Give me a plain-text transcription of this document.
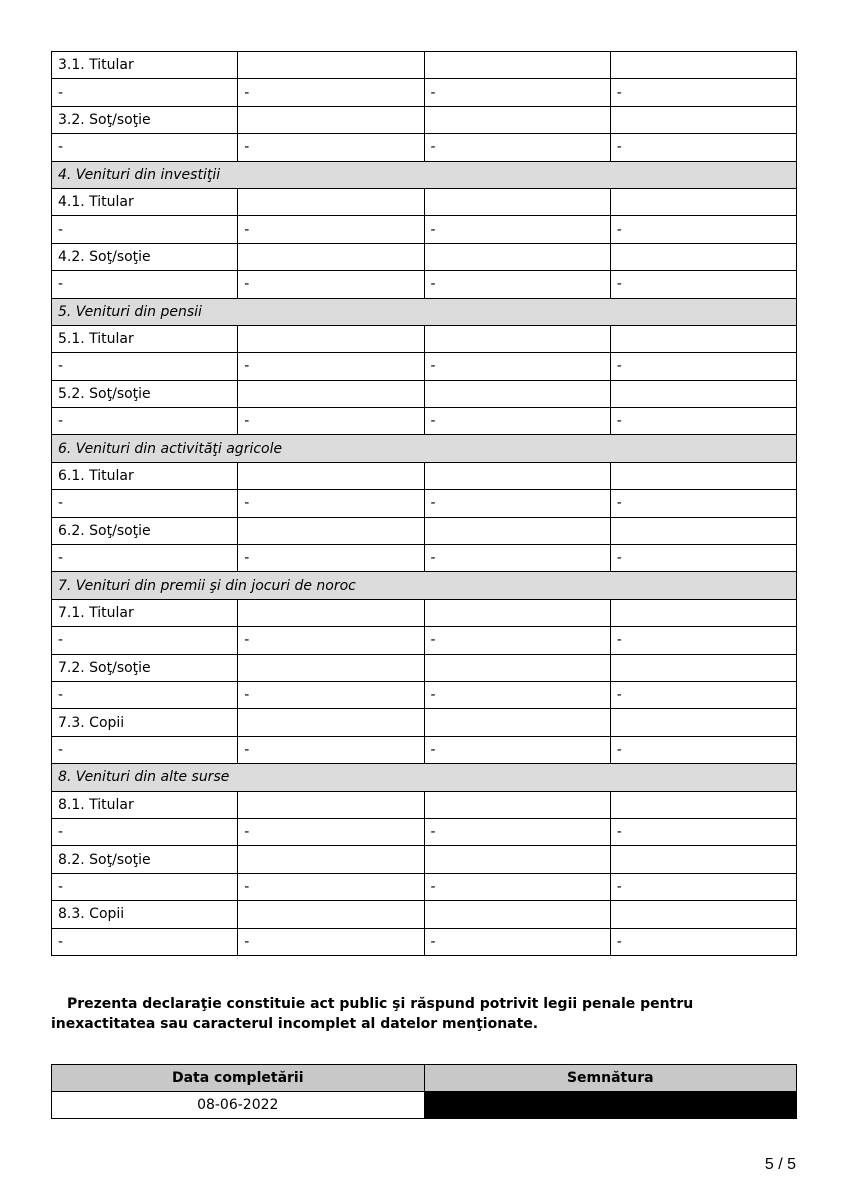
3.1. Titular			
-	-	-	-
3.2. Soţ/soţie			
-	-	-	-
4. Venituri din investiţii			
4.1. Titular			
-	-	-	-
4.2. Soţ/soţie			
-	-	-	-
5. Venituri din pensii			
5.1. Titular			
-	-	-	-
5.2. Soţ/soţie			
-	-	-	-
6. Venituri din activităţi agricole			
6.1. Titular			
-	-	-	-
6.2. Soţ/soţie			
-	-	-	-
7. Venituri din premii şi din jocuri de noroc			
7.1. Titular			
-	-	-	-
7.2. Soţ/soţie			
-	-	-	-
7.3. Copii			
-	-	-	-
8. Venituri din alte surse			
8.1. Titular			
-	-	-	-
8.2. Soţ/soţie			
-	-	-	-
8.3. Copii			
-	-	-	-

Prezenta declaraţie constituie act public şi răspund potrivit legii penale pentru inexactitatea sau caracterul incomplet al datelor menţionate.

Data completării	Semnătura
08-06-2022	
5 / 5
